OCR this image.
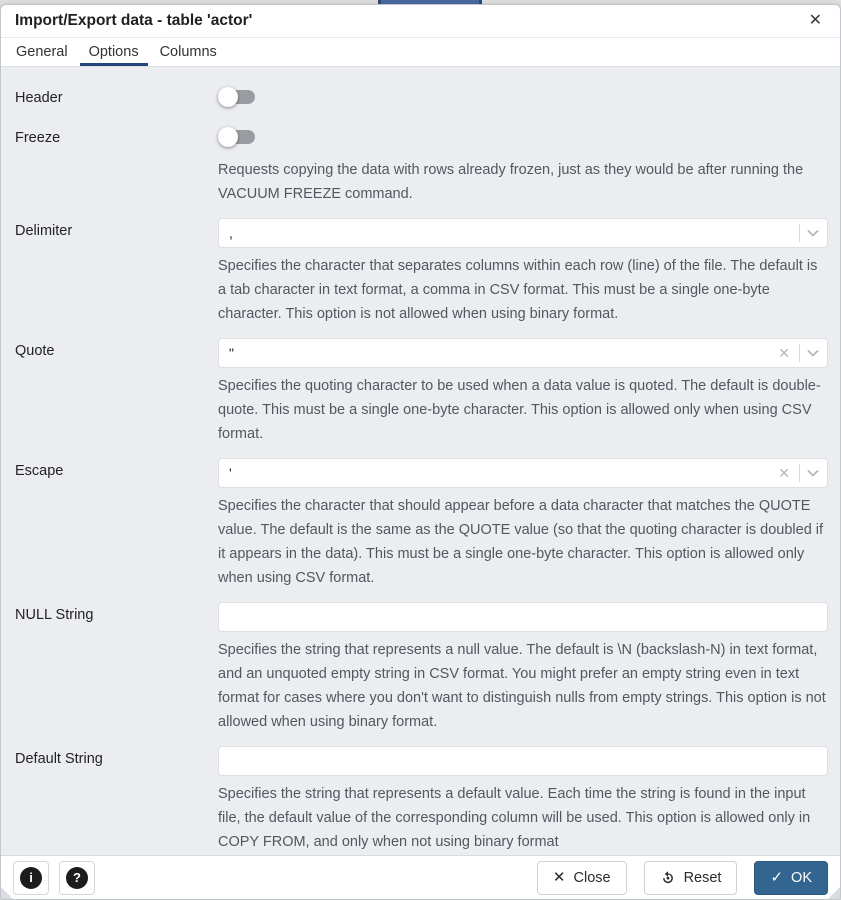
Import/Export data - table 'actor'	✕
General	Options	Columns
Header
Freeze
Requests copying the data with rows already frozen, just as they would be after running the VACUUM FREEZE command.
Delimiter	,
Specifies the character that separates columns within each row (line) of the file. The default is a tab character in text format, a comma in CSV format. This must be a single one-byte character. This option is not allowed when using binary format.
Quote	"	✕
Specifies the quoting character to be used when a data value is quoted. The default is double-quote. This must be a single one-byte character. This option is allowed only when using CSV format.
Escape	'	✕
Specifies the character that should appear before a data character that matches the QUOTE value. The default is the same as the QUOTE value (so that the quoting character is doubled if it appears in the data). This must be a single one-byte character. This option is allowed only when using CSV format.
NULL String
Specifies the string that represents a null value. The default is \N (backslash-N) in text format, and an unquoted empty string in CSV format. You might prefer an empty string even in text format for cases where you don't want to distinguish nulls from empty strings. This option is not allowed when using binary format.
Default String
Specifies the string that represents a default value. Each time the string is found in the input file, the default value of the corresponding column will be used. This option is allowed only in COPY FROM, and only when not using binary format
i	?	✕ Close	Reset	✓ OK
